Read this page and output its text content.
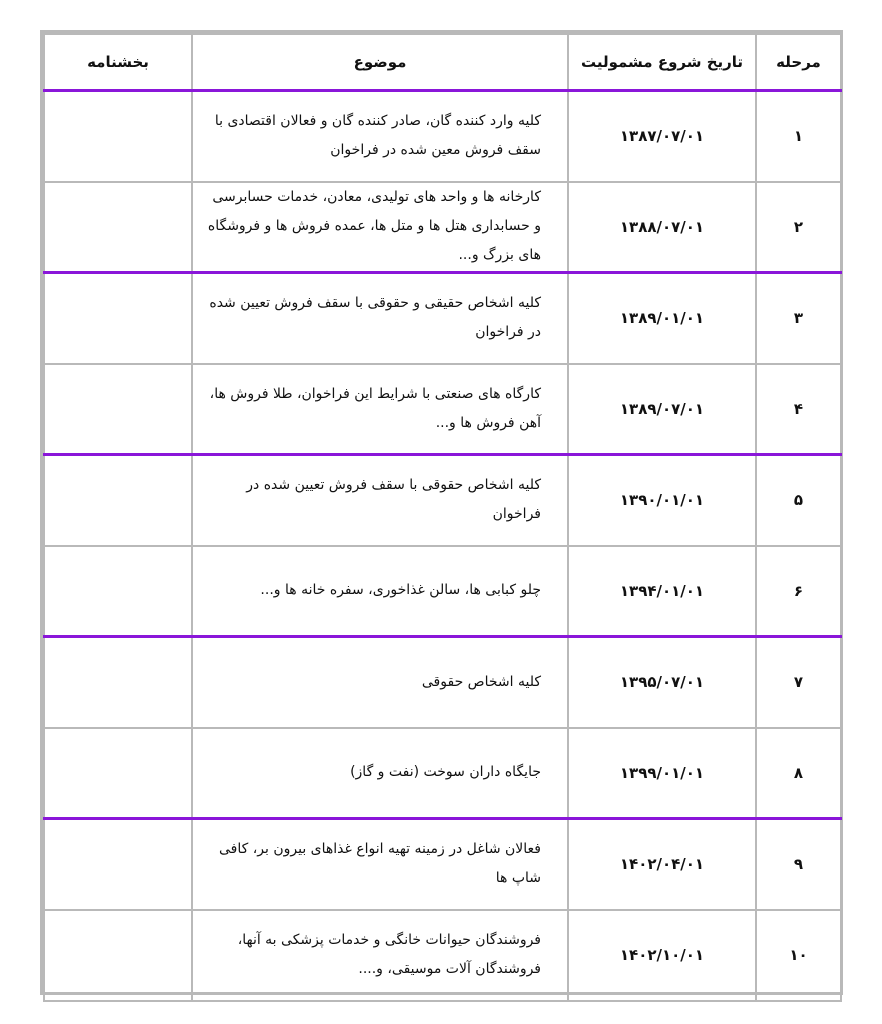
مرحله	تاریخ شروع مشمولیت	موضوع	بخشنامه
۱	۱۳۸۷/۰۷/۰۱	کلیه وارد کننده گان، صادر کننده گان و فعالان اقتصادی با سقف فروش معین شده در فراخوان	
۲	۱۳۸۸/۰۷/۰۱	کارخانه ها و واحد های تولیدی، معادن، خدمات حسابرسی و حسابداری هتل ها و متل ها، عمده فروش ها و فروشگاه های بزرگ و...	
۳	۱۳۸۹/۰۱/۰۱	کلیه اشخاص حقیقی و حقوقی با سقف فروش تعیین شده در فراخوان	
۴	۱۳۸۹/۰۷/۰۱	کارگاه های صنعتی با شرایط این فراخوان، طلا فروش ها، آهن فروش ها و...	
۵	۱۳۹۰/۰۱/۰۱	کلیه اشخاص حقوقی با سقف فروش تعیین شده در فراخوان	
۶	۱۳۹۴/۰۱/۰۱	چلو کبابی ها، سالن غذاخوری، سفره خانه ها و...	
۷	۱۳۹۵/۰۷/۰۱	کلیه اشخاص حقوقی	
۸	۱۳۹۹/۰۱/۰۱	جایگاه داران سوخت (نفت و گاز)	
۹	۱۴۰۲/۰۴/۰۱	فعالان شاغل در زمینه تهیه انواع غذاهای بیرون بر، کافی شاپ ها	
۱۰	۱۴۰۲/۱۰/۰۱	فروشندگان حیوانات خانگی و خدمات پزشکی به آنها، فروشندگان آلات موسیقی، و....	
